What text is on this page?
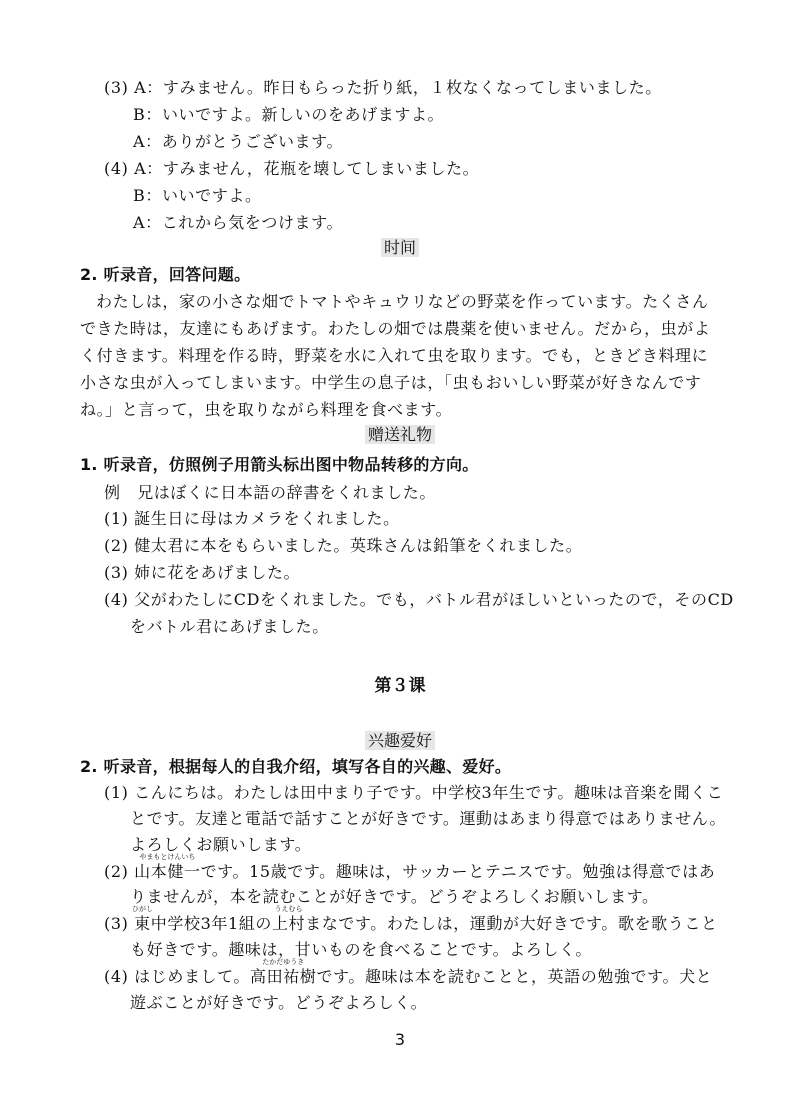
(3) A：すみません。昨日もらった折り紙，１枚なくなってしまいました。
B：いいですよ。新しいのをあげますよ。
A：ありがとうございます。
(4) A：すみません，花瓶を壊してしまいました。
B：いいですよ。
A：これから気をつけます。
时间
2. 听录音，回答问题。
わたしは，家の小さな畑でトマトやキュウリなどの野菜を作っています。たくさん
できた時は，友達にもあげます。わたしの畑では農薬を使いません。だから，虫がよ
く付きます。料理を作る時，野菜を水に入れて虫を取ります。でも，ときどき料理に
小さな虫が入ってしまいます。中学生の息子は，「虫もおいしい野菜が好きなんです
ね。」と言って，虫を取りながら料理を食べます。
赠送礼物
1. 听录音，仿照例子用箭头标出图中物品转移的方向。
例　兄はぼくに日本語の辞書をくれました。
(1) 誕生日に母はカメラをくれました。
(2) 健太君に本をもらいました。英珠さんは鉛筆をくれました。
(3) 姉に花をあげました。
(4) 父がわたしにCDをくれました。でも，バトル君がほしいといったので，そのCD
をバトル君にあげました。
第３课
兴趣爱好
2. 听录音，根据每人的自我介绍，填写各自的兴趣、爱好。
(1) こんにちは。わたしは田中まり子です。中学校3年生です。趣味は音楽を聞くこ
とです。友達と電話で話すことが好きです。運動はあまり得意ではありません。
よろしくお願いします。
(2)
やまもとけんいち
山本健一です。15歳です。趣味は，サッカーとテニスです。勉強は得意ではあ
りませんが，本を読むことが好きです。どうぞよろしくお願いします。
(3)
ひがし
東中学校3年1組の
うえむら
上村まなです。わたしは，運動が大好きです。歌を歌うこと
も好きです。趣味は，甘いものを食べることです。よろしく。
(4) はじめまして。
たかだゆうき
高田祐樹です。趣味は本を読むことと，英語の勉強です。犬と
遊ぶことが好きです。どうぞよろしく。
3
